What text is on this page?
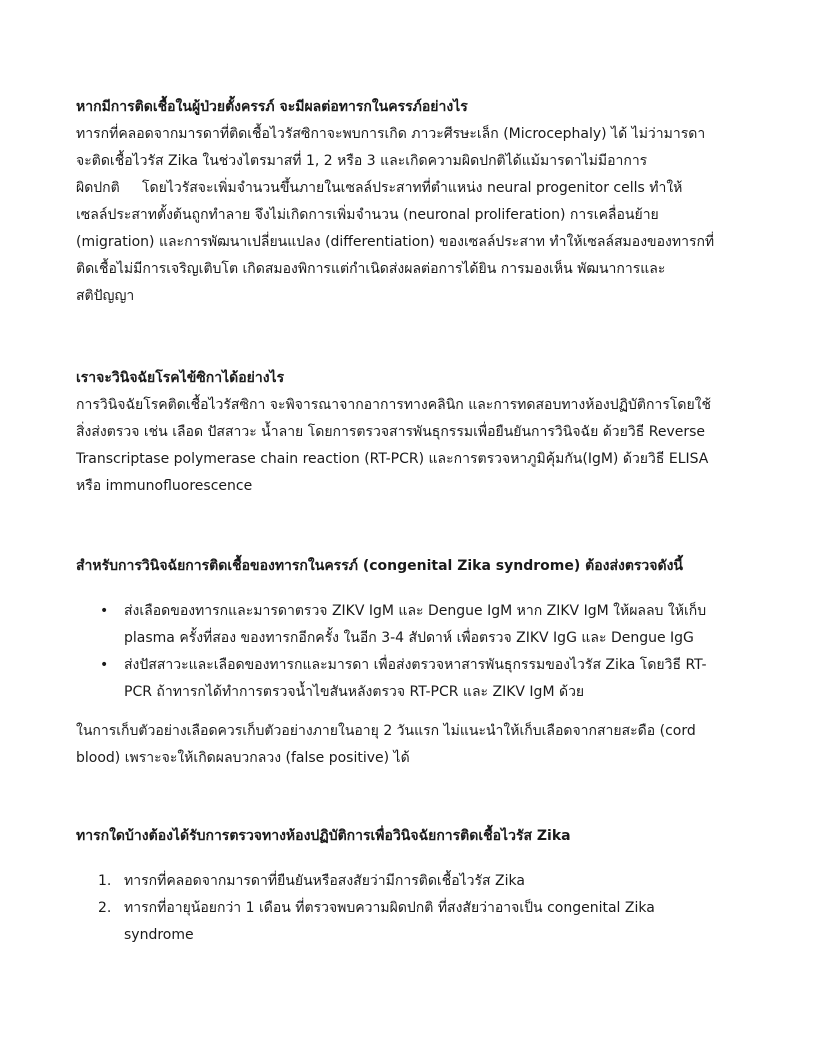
หากมีการติดเชื้อในผู้ป่วยตั้งครรภ์ จะมีผลต่อทารกในครรภ์อย่างไร

ทารกที่คลอดจากมารดาที่ติดเชื้อไวรัสซิกาจะพบการเกิด ภาวะศีรษะเล็ก (Microcephaly) ได้ ไม่ว่ามารดา
จะติดเชื้อไวรัส Zika ในช่วงไตรมาสที่ 1, 2 หรือ 3 และเกิดความผิดปกติได้แม้มารดาไม่มีอาการ
ผิดปกติ     โดยไวรัสจะเพิ่มจำนวนขึ้นภายในเซลล์ประสาทที่ตำแหน่ง neural progenitor cells ทำให้
เซลล์ประสาทตั้งต้นถูกทำลาย จึงไม่เกิดการเพิ่มจำนวน (neuronal proliferation) การเคลื่อนย้าย
(migration) และการพัฒนาเปลี่ยนแปลง (differentiation) ของเซลล์ประสาท ทำให้เซลล์สมองของทารกที่
ติดเชื้อไม่มีการเจริญเติบโต เกิดสมองพิการแต่กำเนิดส่งผลต่อการได้ยิน การมองเห็น พัฒนาการและ
สติปัญญา

เราจะวินิจฉัยโรคไข้ซิกาได้อย่างไร

การวินิจฉัยโรคติดเชื้อไวรัสซิกา จะพิจารณาจากอาการทางคลินิก และการทดสอบทางห้องปฏิบัติการโดยใช้
สิ่งส่งตรวจ เช่น เลือด ปัสสาวะ น้ำลาย โดยการตรวจสารพันธุกรรมเพื่อยืนยันการวินิจฉัย ด้วยวิธี Reverse
Transcriptase polymerase chain reaction (RT-PCR) และการตรวจหาภูมิคุ้มกัน(IgM) ด้วยวิธี ELISA
หรือ immunofluorescence

สำหรับการวินิจฉัยการติดเชื้อของทารกในครรภ์ (congenital Zika syndrome) ต้องส่งตรวจดังนี้

• ส่งเลือดของทารกและมารดาตรวจ ZIKV IgM และ Dengue IgM หาก ZIKV IgM ให้ผลลบ ให้เก็บ
plasma ครั้งที่สอง ของทารกอีกครั้ง ในอีก 3-4 สัปดาห์ เพื่อตรวจ ZIKV IgG และ Dengue IgG
• ส่งปัสสาวะและเลือดของทารกและมารดา เพื่อส่งตรวจหาสารพันธุกรรมของไวรัส Zika โดยวิธี RT-
PCR ถ้าทารกได้ทำการตรวจน้ำไขสันหลังตรวจ RT-PCR และ ZIKV IgM ด้วย
ในการเก็บตัวอย่างเลือดควรเก็บตัวอย่างภายในอายุ 2 วันแรก ไม่แนะนำให้เก็บเลือดจากสายสะดือ (cord
blood) เพราะจะให้เกิดผลบวกลวง (false positive) ได้

ทารกใดบ้างต้องได้รับการตรวจทางห้องปฏิบัติการเพื่อวินิจฉัยการติดเชื้อไวรัส Zika

1. ทารกที่คลอดจากมารดาที่ยืนยันหรือสงสัยว่ามีการติดเชื้อไวรัส Zika
2. ทารกที่อายุน้อยกว่า 1 เดือน ที่ตรวจพบความผิดปกติ ที่สงสัยว่าอาจเป็น congenital Zika
syndrome
